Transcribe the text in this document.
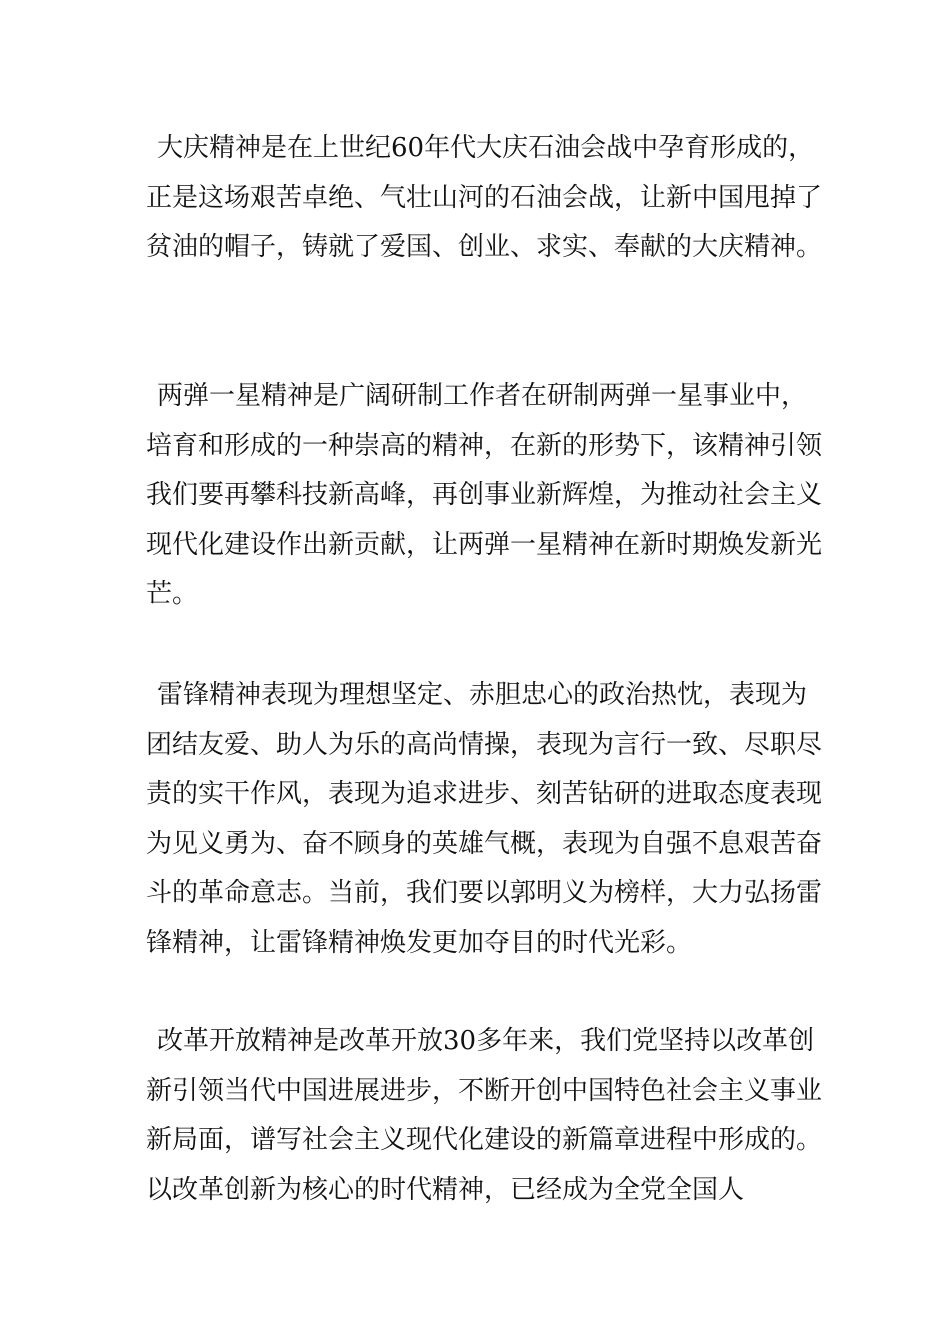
大庆精神是在上世纪60年代大庆石油会战中孕育形成的，正是这场艰苦卓绝、气壮山河的石油会战，让新中国甩掉了贫油的帽子，铸就了爱国、创业、求实、奉献的大庆精神。

两弹一星精神是广阔研制工作者在研制两弹一星事业中，培育和形成的一种崇高的精神，在新的形势下，该精神引领我们要再攀科技新高峰，再创事业新辉煌，为推动社会主义现代化建设作出新贡献，让两弹一星精神在新时期焕发新光芒。

雷锋精神表现为理想坚定、赤胆忠心的政治热忱，表现为团结友爱、助人为乐的高尚情操，表现为言行一致、尽职尽责的实干作风，表现为追求进步、刻苦钻研的进取态度表现为见义勇为、奋不顾身的英雄气概，表现为自强不息艰苦奋斗的革命意志。当前，我们要以郭明义为榜样，大力弘扬雷锋精神，让雷锋精神焕发更加夺目的时代光彩。

改革开放精神是改革开放30多年来，我们党坚持以改革创新引领当代中国进展进步，不断开创中国特色社会主义事业新局面，谱写社会主义现代化建设的新篇章进程中形成的。以改革创新为核心的时代精神，已经成为全党全国人
